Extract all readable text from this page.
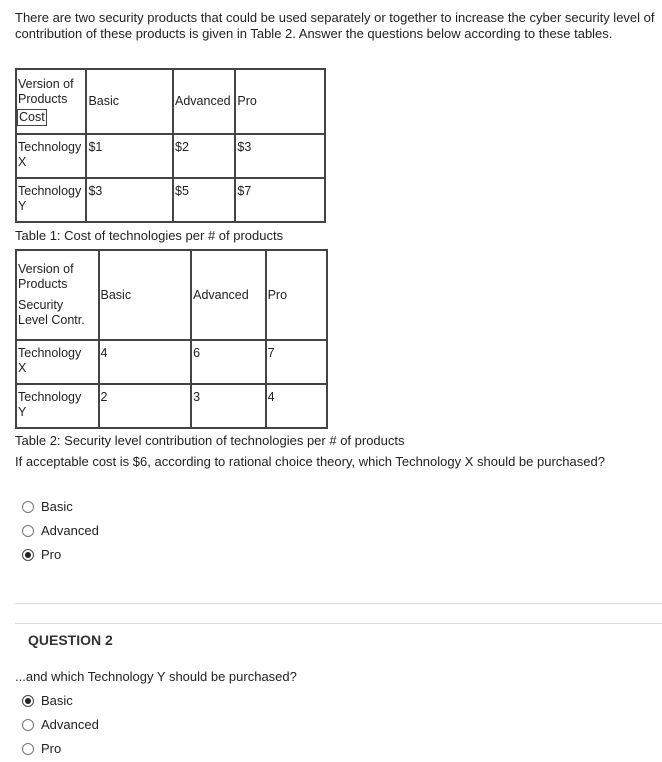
There are two security products that could be used separately or together to increase the cyber security level of
contribution of these products is given in Table 2. Answer the questions below according to these tables.
Version of
Products
Cost	Basic	Advanced	Pro

Technology
X	$1	$2	$3

Technology
Y	$3	$5	$7
Table 1: Cost of technologies per # of products
Version of
Products
Security
Level Contr.	Basic	Advanced	Pro

Technology
X	4	6	7

Technology
Y	2	3	4
Table 2: Security level contribution of technologies per # of products
If acceptable cost is $6, according to rational choice theory, which Technology X should be purchased?
Basic
Advanced
Pro
QUESTION 2
...and which Technology Y should be purchased?
Basic
Advanced
Pro
